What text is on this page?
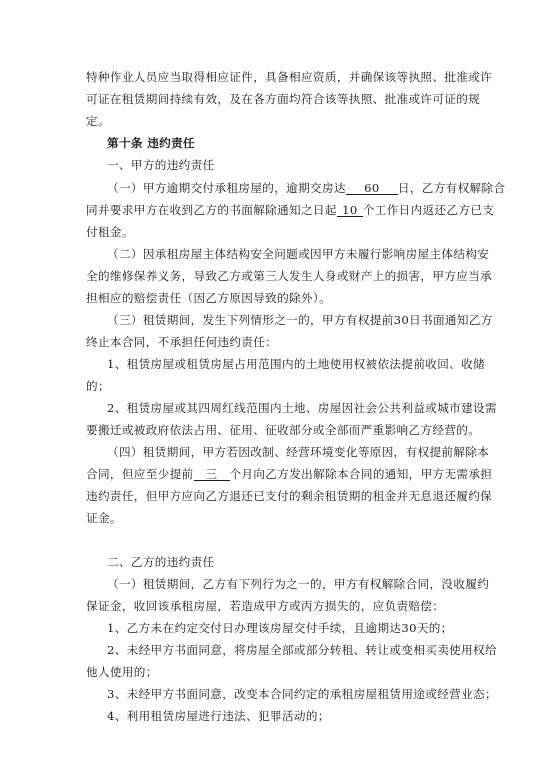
特种作业人员应当取得相应证件，具备相应资质，并确保该等执照、批准或许
可证在租赁期间持续有效，及在各方面均符合该等执照、批准或许可证的规
定。
第十条 违约责任
一、甲方的违约责任
（一）甲方逾期交付承租房屋的，逾期交房达 60 日，乙方有权解除合
同并要求甲方在收到乙方的书面解除通知之日起 10 个工作日内返还乙方已支
付租金。
（二）因承租房屋主体结构安全问题或因甲方未履行影响房屋主体结构安
全的维修保养义务，导致乙方或第三人发生人身或财产上的损害，甲方应当承
担相应的赔偿责任（因乙方原因导致的除外）。
（三）租赁期间，发生下列情形之一的，甲方有权提前30日书面通知乙方
终止本合同，不承担任何违约责任：
1、租赁房屋或租赁房屋占用范围内的土地使用权被依法提前收回、收储
的；
2、租赁房屋或其四周红线范围内土地、房屋因社会公共利益或城市建设需
要搬迁或被政府依法占用、征用、征收部分或全部而严重影响乙方经营的。
（四）租赁期间，甲方若因改制、经营环境变化等原因，有权提前解除本
合同，但应至少提前 三 个月向乙方发出解除本合同的通知，甲方无需承担
违约责任，但甲方应向乙方退还已支付的剩余租赁期的租金并无息退还履约保
证金。
二、乙方的违约责任
（一）租赁期间，乙方有下列行为之一的，甲方有权解除合同，没收履约
保证金，收回该承租房屋，若造成甲方或丙方损失的，应负责赔偿：
1、乙方未在约定交付日办理该房屋交付手续，且逾期达30天的；
2、未经甲方书面同意，将房屋全部或部分转租、转让或变相买卖使用权给
他人使用的；
3、未经甲方书面同意，改变本合同约定的承租房屋租赁用途或经营业态；
4、利用租赁房屋进行违法、犯罪活动的；
